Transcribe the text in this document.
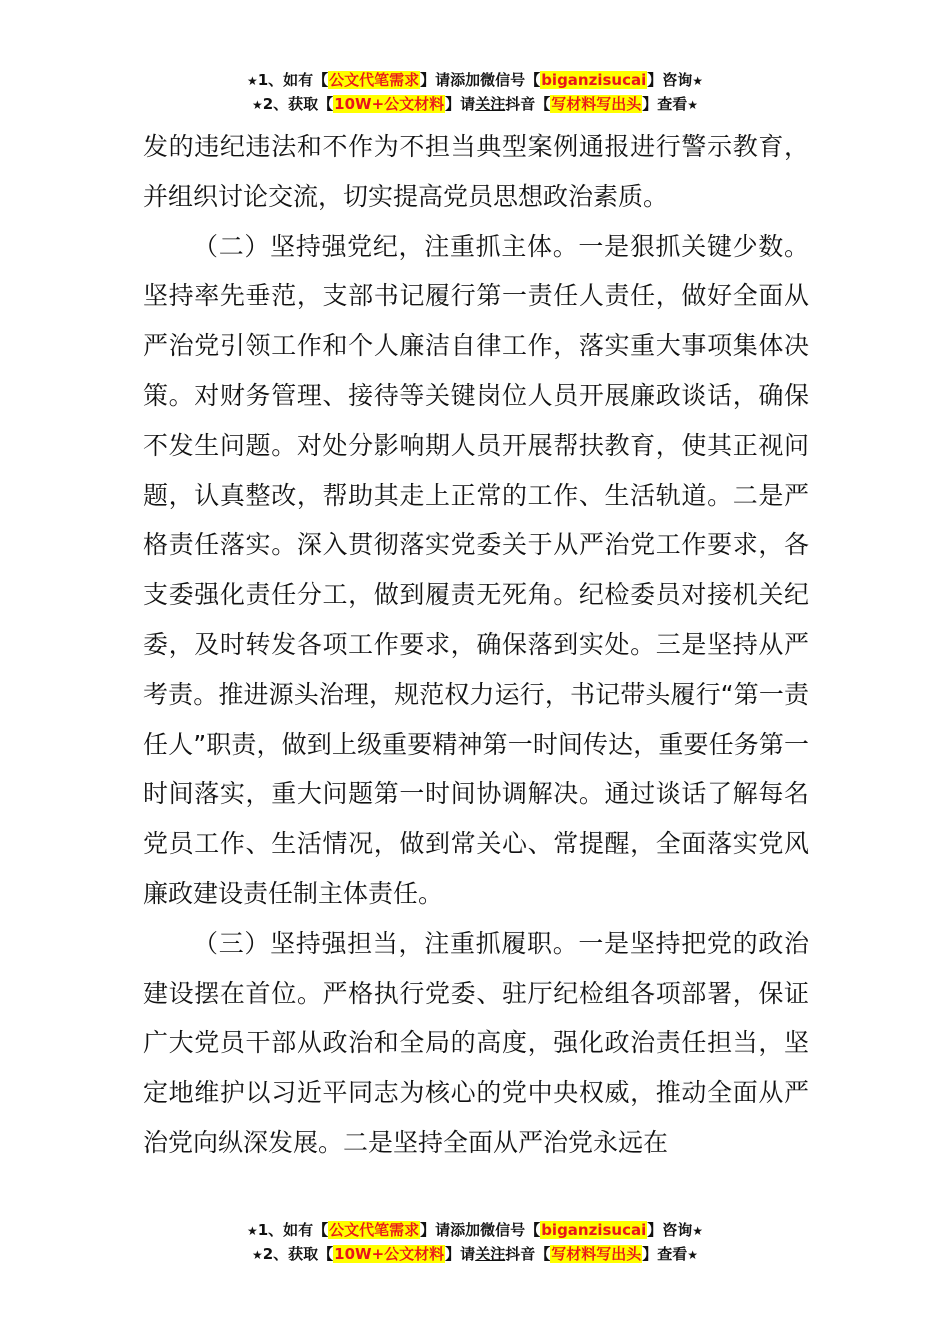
★1、如有【公文代笔需求】请添加微信号【biganzisucai】咨询★
★2、获取【10W+公文材料】请关注抖音【写材料写出头】查看★

发的违纪违法和不作为不担当典型案例通报进行警示教育，并组织讨论交流，切实提高党员思想政治素质。

（二）坚持强党纪，注重抓主体。一是狠抓关键少数。坚持率先垂范，支部书记履行第一责任人责任，做好全面从严治党引领工作和个人廉洁自律工作，落实重大事项集体决策。对财务管理、接待等关键岗位人员开展廉政谈话，确保不发生问题。对处分影响期人员开展帮扶教育，使其正视问题，认真整改，帮助其走上正常的工作、生活轨道。二是严格责任落实。深入贯彻落实党委关于从严治党工作要求，各支委强化责任分工，做到履责无死角。纪检委员对接机关纪委，及时转发各项工作要求，确保落到实处。三是坚持从严考责。推进源头治理，规范权力运行，书记带头履行“第一责任人”职责，做到上级重要精神第一时间传达，重要任务第一时间落实，重大问题第一时间协调解决。通过谈话了解每名党员工作、生活情况，做到常关心、常提醒，全面落实党风廉政建设责任制主体责任。

（三）坚持强担当，注重抓履职。一是坚持把党的政治建设摆在首位。严格执行党委、驻厅纪检组各项部署，保证广大党员干部从政治和全局的高度，强化政治责任担当，坚定地维护以习近平同志为核心的党中央权威，推动全面从严治党向纵深发展。二是坚持全面从严治党永远在

★1、如有【公文代笔需求】请添加微信号【biganzisucai】咨询★
★2、获取【10W+公文材料】请关注抖音【写材料写出头】查看★
